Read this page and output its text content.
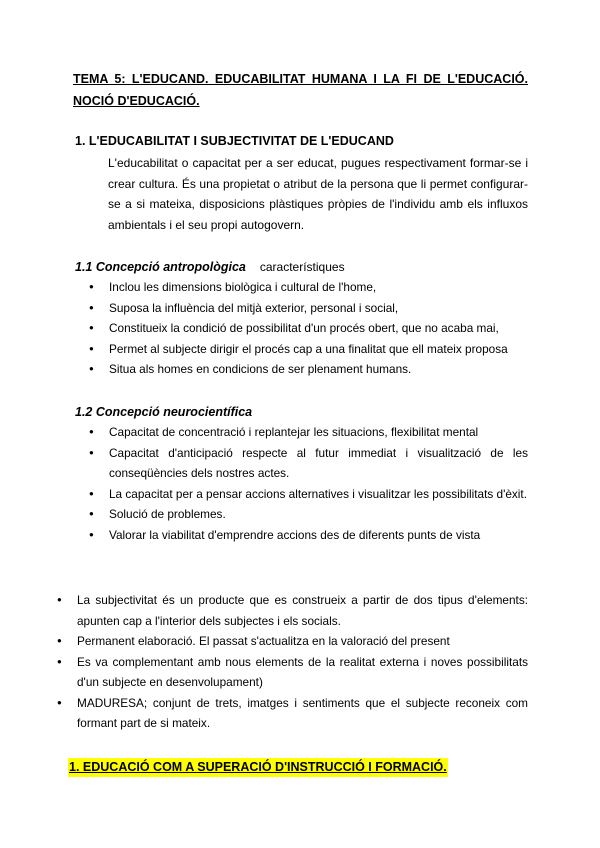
TEMA 5: L'EDUCAND. EDUCABILITAT HUMANA I LA FI DE L'EDUCACIÓ.
NOCIÓ D'EDUCACIÓ.
1. L'EDUCABILITAT I SUBJECTIVITAT DE L'EDUCAND
L'educabilitat o capacitat per a ser educat, pugues respectivament formar-se i crear cultura. És una propietat o atribut de la persona que li permet configurar-se a si mateixa, disposicions plàstiques pròpies de l'individu amb els influxos ambientals i el seu propi autogovern.
1.1 Concepció antropològica característiques
● Inclou les dimensions biològica i cultural de l'home,
● Suposa la influència del mitjà exterior, personal i social,
● Constitueix la condició de possibilitat d'un procés obert, que no acaba mai,
● Permet al subjecte dirigir el procés cap a una finalitat que ell mateix proposa
● Situa als homes en condicions de ser plenament humans.
1.2 Concepció neurocientífica
● Capacitat de concentració i replantejar les situacions, flexibilitat mental
● Capacitat d'anticipació respecte al futur immediat i visualització de les conseqüències dels nostres actes.
● La capacitat per a pensar accions alternatives i visualitzar les possibilitats d'èxit.
● Solució de problemes.
● Valorar la viabilitat d'emprendre accions des de diferents punts de vista
● La subjectivitat és un producte que es construeix a partir de dos tipus d'elements: apunten cap a l'interior dels subjectes i els socials.
● Permanent elaboració. El passat s'actualitza en la valoració del present
● Es va complementant amb nous elements de la realitat externa i noves possibilitats d'un subjecte en desenvolupament)
● MADURESA; conjunt de trets, imatges i sentiments que el subjecte reconeix com formant part de si mateix.
1. EDUCACIÓ COM A SUPERACIÓ D'INSTRUCCIÓ I FORMACIÓ.
